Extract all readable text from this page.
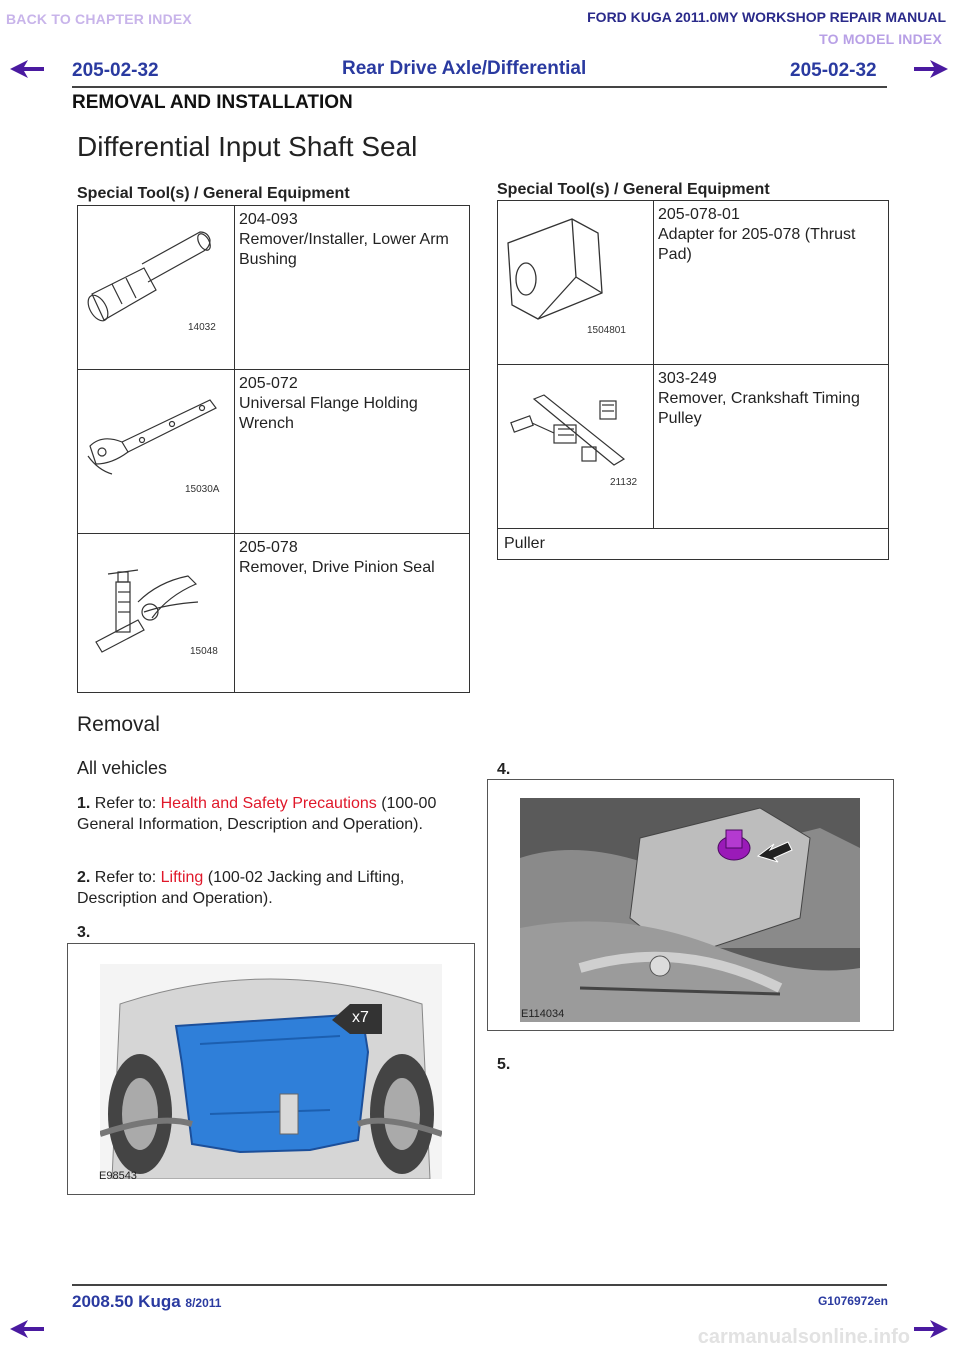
BACK TO CHAPTER INDEX	FORD KUGA 2011.0MY WORKSHOP REPAIR MANUAL
TO MODEL INDEX
205-02-32	Rear Drive Axle/Differential	205-02-32
REMOVAL AND INSTALLATION
Differential Input Shaft Seal
Special Tool(s) / General Equipment
14032	204-093
Remover/Installer, Lower Arm Bushing

15030A	205-072
Universal Flange Holding Wrench

15048	205-078
Remover, Drive Pinion Seal
Special Tool(s) / General Equipment
1504801	205-078-01
Adapter for 205-078 (Thrust Pad)

21132	303-249
Remover, Crankshaft Timing Pulley

Puller	
Removal
All vehicles
1. Refer to: Health and Safety Precautions (100-00 General Information, Description and Operation).
2. Refer to: Lifting (100-02 Jacking and Lifting, Description and Operation).
3.
x7
E98543
4.
E114034
5.
2008.50 Kuga 8/2011	G1076972en
carmanualsonline.info
